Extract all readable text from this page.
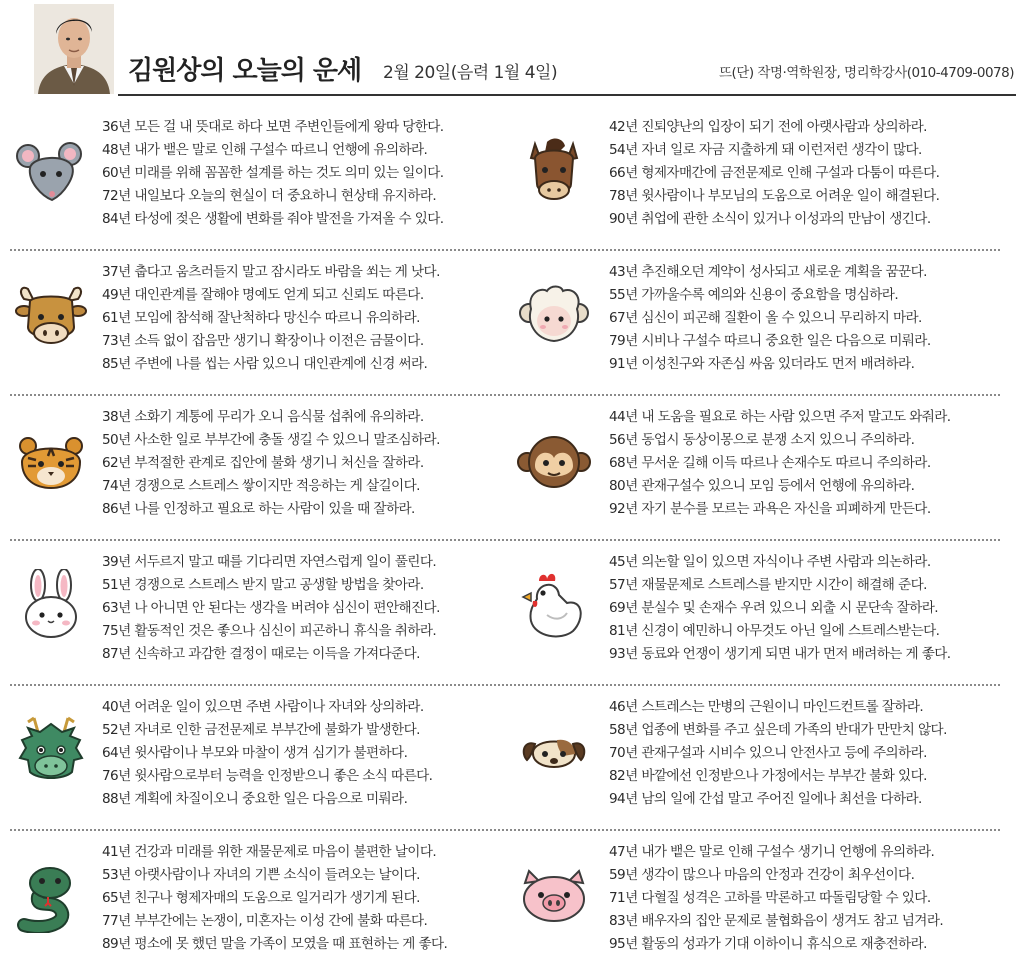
김원상의 오늘의 운세 2월 20일(음력 1월 4일)	뜨(단) 작명·역학원장, 명리학강사(010-4709-0078)
36년 모든 걸 내 뜻대로 하다 보면 주변인들에게 왕따 당한다.
48년 내가 뱉은 말로 인해 구설수 따르니 언행에 유의하라.
60년 미래를 위해 꼼꼼한 설계를 하는 것도 의미 있는 일이다.
72년 내일보다 오늘의 현실이 더 중요하니 현상태 유지하라.
84년 타성에 젖은 생활에 변화를 줘야 발전을 가져올 수 있다.
42년 진퇴양난의 입장이 되기 전에 아랫사람과 상의하라.
54년 자녀 일로 자금 지출하게 돼 이런저런 생각이 많다.
66년 형제자매간에 금전문제로 인해 구설과 다툼이 따른다.
78년 윗사람이나 부모님의 도움으로 어려운 일이 해결된다.
90년 취업에 관한 소식이 있거나 이성과의 만남이 생긴다.
37년 춥다고 움츠러들지 말고 잠시라도 바람을 쐬는 게 낫다.
49년 대인관계를 잘해야 명예도 얻게 되고 신뢰도 따른다.
61년 모임에 참석해 잘난척하다 망신수 따르니 유의하라.
73년 소득 없이 잡음만 생기니 확장이나 이전은 금물이다.
85년 주변에 나를 씹는 사람 있으니 대인관계에 신경 써라.
43년 추진해오던 계약이 성사되고 새로운 계획을 꿈꾼다.
55년 가까울수록 예의와 신용이 중요함을 명심하라.
67년 심신이 피곤해 질환이 올 수 있으니 무리하지 마라.
79년 시비나 구설수 따르니 중요한 일은 다음으로 미뤄라.
91년 이성친구와 자존심 싸움 있더라도 먼저 배려하라.
38년 소화기 계통에 무리가 오니 음식물 섭취에 유의하라.
50년 사소한 일로 부부간에 충돌 생길 수 있으니 말조심하라.
62년 부적절한 관계로 집안에 불화 생기니 처신을 잘하라.
74년 경쟁으로 스트레스 쌓이지만 적응하는 게 살길이다.
86년 나를 인정하고 필요로 하는 사람이 있을 때 잘하라.
44년 내 도움을 필요로 하는 사람 있으면 주저 말고도 와줘라.
56년 동업시 동상이몽으로 분쟁 소지 있으니 주의하라.
68년 무서운 길해 이득 따르나 손재수도 따르니 주의하라.
80년 관재구설수 있으니 모임 등에서 언행에 유의하라.
92년 자기 분수를 모르는 과욕은 자신을 피폐하게 만든다.
39년 서두르지 말고 때를 기다리면 자연스럽게 일이 풀린다.
51년 경쟁으로 스트레스 받지 말고 공생할 방법을 찾아라.
63년 나 아니면 안 된다는 생각을 버려야 심신이 편안해진다.
75년 활동적인 것은 좋으나 심신이 피곤하니 휴식을 취하라.
87년 신속하고 과감한 결정이 때로는 이득을 가져다준다.
45년 의논할 일이 있으면 자식이나 주변 사람과 의논하라.
57년 재물문제로 스트레스를 받지만 시간이 해결해 준다.
69년 분실수 및 손재수 우려 있으니 외출 시 문단속 잘하라.
81년 신경이 예민하니 아무것도 아닌 일에 스트레스받는다.
93년 동료와 언쟁이 생기게 되면 내가 먼저 배려하는 게 좋다.
40년 어려운 일이 있으면 주변 사람이나 자녀와 상의하라.
52년 자녀로 인한 금전문제로 부부간에 불화가 발생한다.
64년 윗사람이나 부모와 마찰이 생겨 심기가 불편하다.
76년 윗사람으로부터 능력을 인정받으니 좋은 소식 따른다.
88년 계획에 차질이오니 중요한 일은 다음으로 미뤄라.
46년 스트레스는 만병의 근원이니 마인드컨트롤 잘하라.
58년 업종에 변화를 주고 싶은데 가족의 반대가 만만치 않다.
70년 관재구설과 시비수 있으니 안전사고 등에 주의하라.
82년 바깥에선 인정받으나 가정에서는 부부간 불화 있다.
94년 남의 일에 간섭 말고 주어진 일에나 최선을 다하라.
41년 건강과 미래를 위한 재물문제로 마음이 불편한 날이다.
53년 아랫사람이나 자녀의 기쁜 소식이 들려오는 날이다.
65년 친구나 형제자매의 도움으로 일거리가 생기게 된다.
77년 부부간에는 논쟁이, 미혼자는 이성 간에 불화 따른다.
89년 평소에 못 했던 말을 가족이 모였을 때 표현하는 게 좋다.
47년 내가 뱉은 말로 인해 구설수 생기니 언행에 유의하라.
59년 생각이 많으나 마음의 안정과 건강이 최우선이다.
71년 다혈질 성격은 고하를 막론하고 따돌림당할 수 있다.
83년 배우자의 집안 문제로 불협화음이 생겨도 참고 넘겨라.
95년 활동의 성과가 기대 이하이니 휴식으로 재충전하라.
